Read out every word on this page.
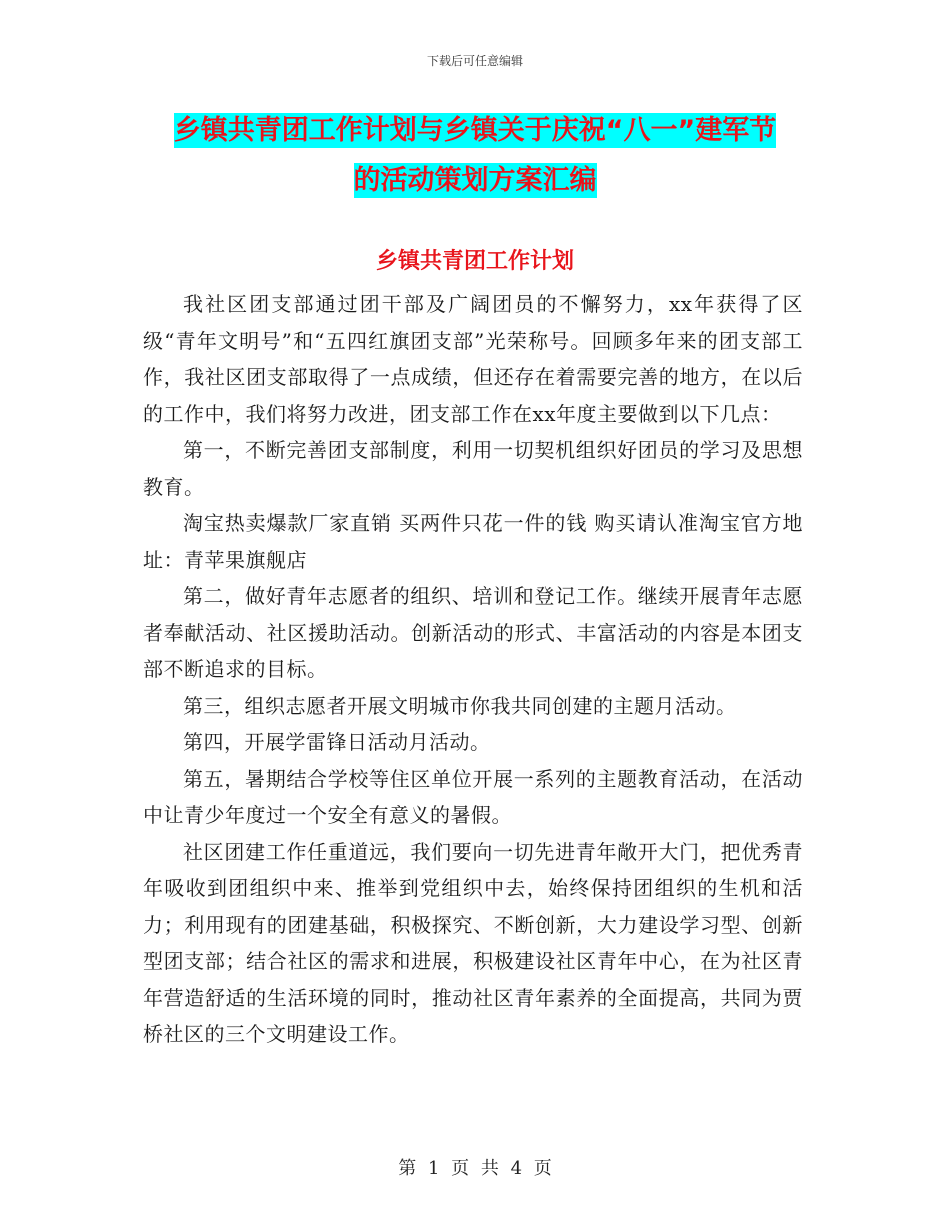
下载后可任意编辑
乡镇共青团工作计划与乡镇关于庆祝“八一”建军节
的活动策划方案汇编
乡镇共青团工作计划

我社区团支部通过团干部及广阔团员的不懈努力，xx年获得了区级“青年文明号”和“五四红旗团支部”光荣称号。回顾多年来的团支部工作，我社区团支部取得了一点成绩，但还存在着需要完善的地方，在以后的工作中，我们将努力改进，团支部工作在xx年度主要做到以下几点：

第一，不断完善团支部制度，利用一切契机组织好团员的学习及思想教育。

淘宝热卖爆款厂家直销 买两件只花一件的钱 购买请认准淘宝官方地址：青苹果旗舰店

第二，做好青年志愿者的组织、培训和登记工作。继续开展青年志愿者奉献活动、社区援助活动。创新活动的形式、丰富活动的内容是本团支部不断追求的目标。

第三，组织志愿者开展文明城市你我共同创建的主题月活动。

第四，开展学雷锋日活动月活动。

第五，暑期结合学校等住区单位开展一系列的主题教育活动，在活动中让青少年度过一个安全有意义的暑假。

社区团建工作任重道远，我们要向一切先进青年敞开大门，把优秀青年吸收到团组织中来、推举到党组织中去，始终保持团组织的生机和活力；利用现有的团建基础，积极探究、不断创新，大力建设学习型、创新型团支部；结合社区的需求和进展，积极建设社区青年中心，在为社区青年营造舒适的生活环境的同时，推动社区青年素养的全面提高，共同为贾桥社区的三个文明建设工作。

第 1 页 共 4 页
